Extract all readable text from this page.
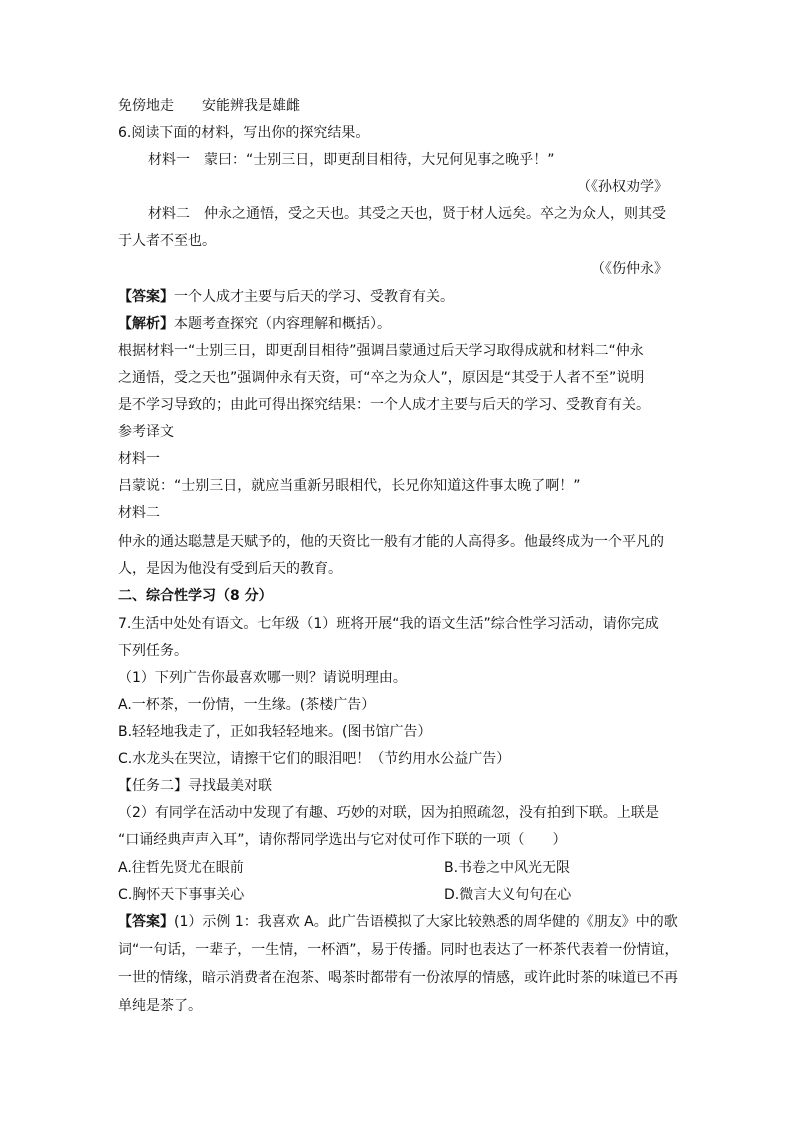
免傍地走 安能辨我是雄雌
6.阅读下面的材料，写出你的探究结果。
材料一　蒙曰：“士别三日，即更刮目相待，大兄何见事之晚乎！”
（《孙权劝学》
材料二　仲永之通悟，受之天也。其受之天也，贤于材人远矣。卒之为众人，则其受
于人者不至也。
（《伤仲永》
【答案】一个人成才主要与后天的学习、受教育有关。
【解析】本题考查探究（内容理解和概括）。
根据材料一“士别三日，即更刮目相待”强调吕蒙通过后天学习取得成就和材料二“仲永
之通悟，受之天也”强调仲永有天资，可“卒之为众人”，原因是“其受于人者不至”说明
是不学习导致的；由此可得出探究结果：一个人成才主要与后天的学习、受教育有关。
参考译文
材料一
吕蒙说：“士别三日，就应当重新另眼相代，长兄你知道这件事太晚了啊！”
材料二
仲永的通达聪慧是天赋予的，他的天资比一般有才能的人高得多。他最终成为一个平凡的
人，是因为他没有受到后天的教育。
二、综合性学习（8 分）
7.生活中处处有语文。七年级（1）班将开展“我的语文生活”综合性学习活动，请你完成
下列任务。
（1）下列广告你最喜欢哪一则？请说明理由。
A.一杯茶，一份情，一生缘。(茶楼广告）
B.轻轻地我走了，正如我轻轻地来。(图书馆广告）
C.水龙头在哭泣，请擦干它们的眼泪吧！（节约用水公益广告）
【任务二】寻找最美对联
（2）有同学在活动中发现了有趣、巧妙的对联，因为拍照疏忽，没有拍到下联。上联是
“口诵经典声声入耳”，请你帮同学选出与它对仗可作下联的一项（　　）
A.往哲先贤尤在眼前	B.书卷之中风光无限
C.胸怀天下事事关心	D.微言大义句句在心
【答案】(1）示例 1：我喜欢 A。此广告语模拟了大家比较熟悉的周华健的《朋友》中的歌
词“一句话，一辈子，一生情，一杯酒”，易于传播。同时也表达了一杯茶代表着一份情谊，
一世的情缘，暗示消费者在泡茶、喝茶时都带有一份浓厚的情感，或许此时茶的味道已不再
单纯是茶了。
